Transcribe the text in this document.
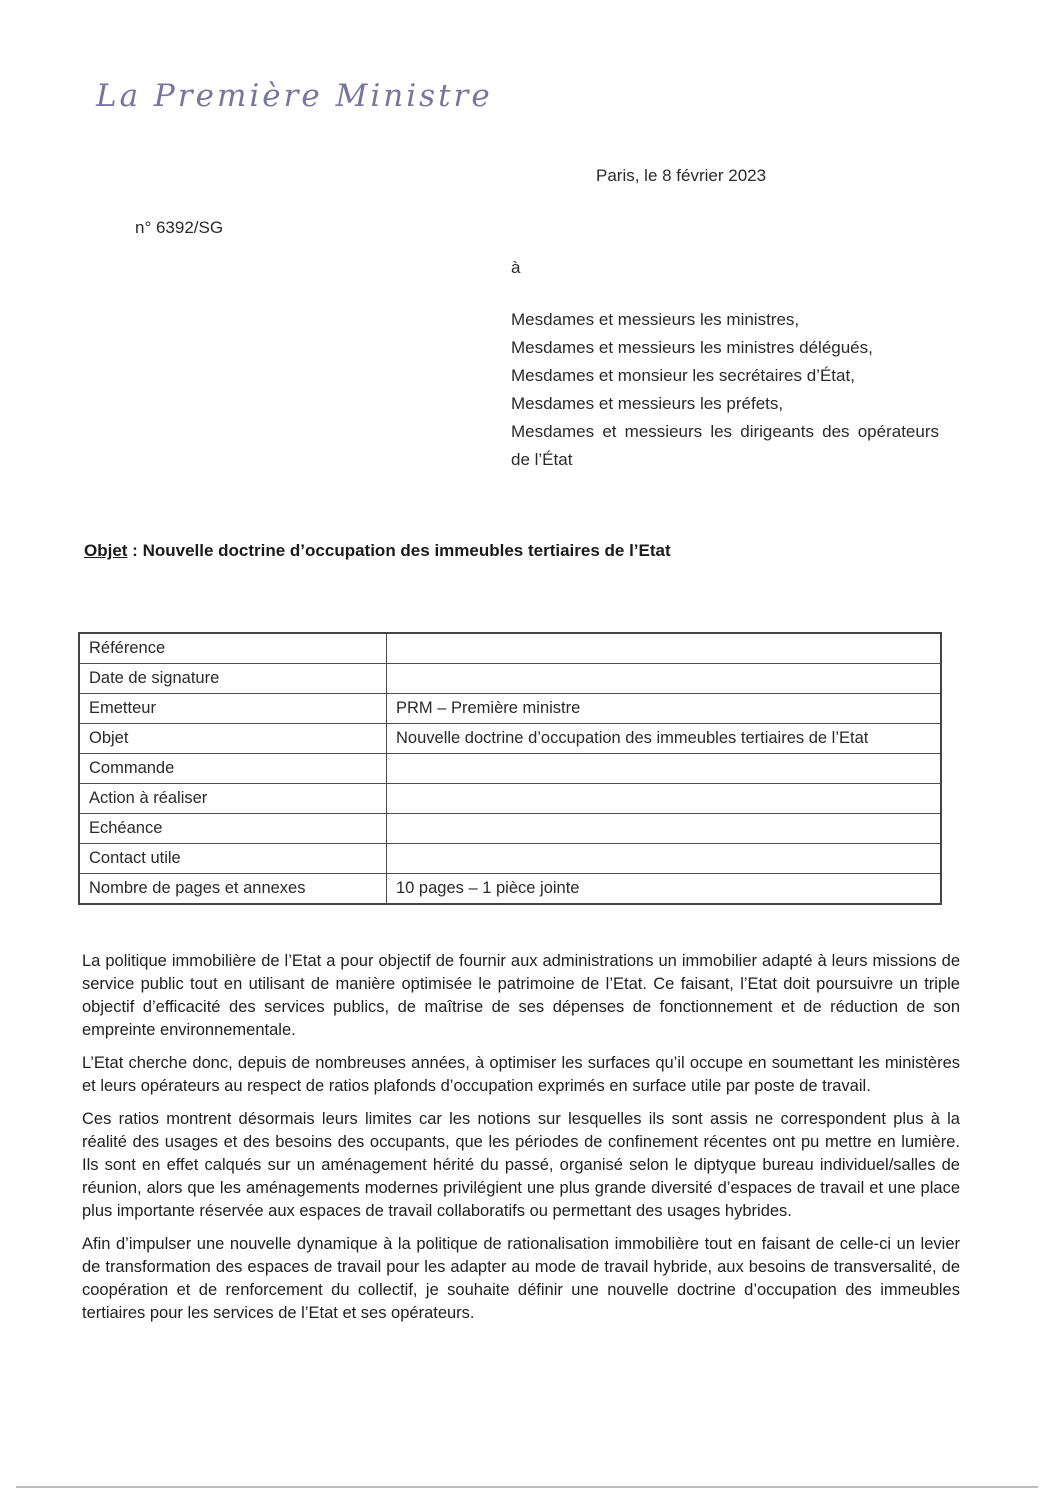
La Première Ministre
Paris, le 8 février 2023
n° 6392/SG
à
Mesdames et messieurs les ministres,
Mesdames et messieurs les ministres délégués,
Mesdames et monsieur les secrétaires d’État,
Mesdames et messieurs les préfets,
Mesdames et messieurs les dirigeants des opérateurs de l’État
Objet : Nouvelle doctrine d’occupation des immeubles tertiaires de l’Etat
Référence	
Date de signature	
Emetteur	PRM – Première ministre
Objet	Nouvelle doctrine d’occupation des immeubles tertiaires de l’Etat
Commande	
Action à réaliser	
Echéance	
Contact utile	
Nombre de pages et annexes	10 pages – 1 pièce jointe

La politique immobilière de l’Etat a pour objectif de fournir aux administrations un immobilier adapté à leurs missions de service public tout en utilisant de manière optimisée le patrimoine de l’Etat. Ce faisant, l’Etat doit poursuivre un triple objectif d’efficacité des services publics, de maîtrise de ses dépenses de fonctionnement et de réduction de son empreinte environnementale.

L’Etat cherche donc, depuis de nombreuses années, à optimiser les surfaces qu’il occupe en soumettant les ministères et leurs opérateurs au respect de ratios plafonds d’occupation exprimés en surface utile par poste de travail.

Ces ratios montrent désormais leurs limites car les notions sur lesquelles ils sont assis ne correspondent plus à la réalité des usages et des besoins des occupants, que les périodes de confinement récentes ont pu mettre en lumière. Ils sont en effet calqués sur un aménagement hérité du passé, organisé selon le diptyque bureau individuel/salles de réunion, alors que les aménagements modernes privilégient une plus grande diversité d’espaces de travail et une place plus importante réservée aux espaces de travail collaboratifs ou permettant des usages hybrides.

Afin d’impulser une nouvelle dynamique à la politique de rationalisation immobilière tout en faisant de celle-ci un levier de transformation des espaces de travail pour les adapter au mode de travail hybride, aux besoins de transversalité, de coopération et de renforcement du collectif, je souhaite définir une nouvelle doctrine d’occupation des immeubles tertiaires pour les services de l’Etat et ses opérateurs.
